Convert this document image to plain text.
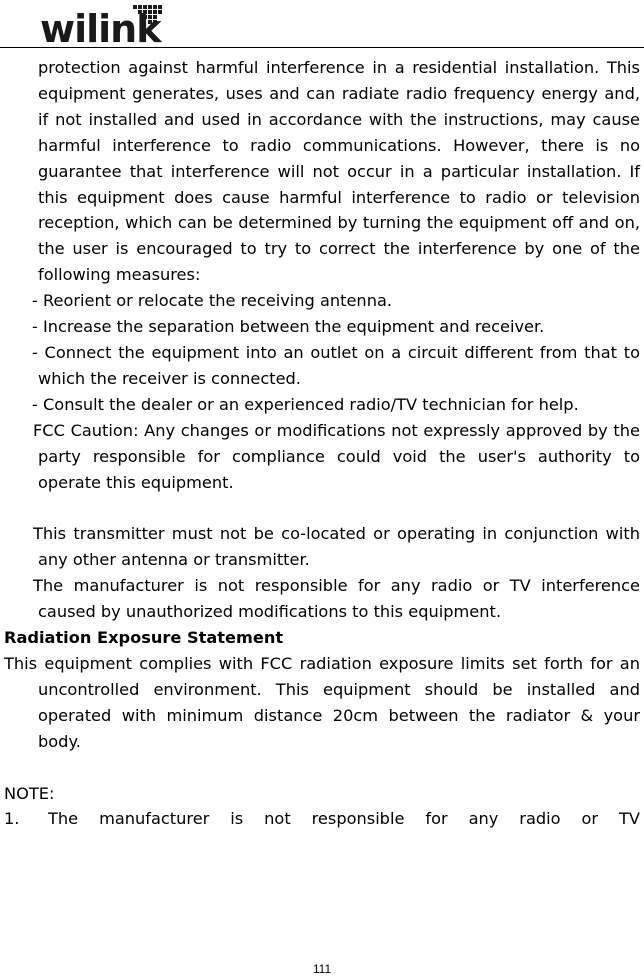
wilink

protection against harmful interference in a residential installation. This equipment generates, uses and can radiate radio frequency energy and, if not installed and used in accordance with the instructions, may cause harmful interference to radio communications. However, there is no guarantee that interference will not occur in a particular installation. If this equipment does cause harmful interference to radio or television reception, which can be determined by turning the equipment off and on, the user is encouraged to try to correct the interference by one of the following measures:

- Reorient or relocate the receiving antenna.

- Increase the separation between the equipment and receiver.

- Connect the equipment into an outlet on a circuit different from that to which the receiver is connected.

- Consult the dealer or an experienced radio/TV technician for help.

FCC Caution: Any changes or modifications not expressly approved by the party responsible for compliance could void the user's authority to operate this equipment.

This transmitter must not be co-located or operating in conjunction with any other antenna or transmitter.

The manufacturer is not responsible for any radio or TV interference caused by unauthorized modifications to this equipment.

Radiation Exposure Statement

This equipment complies with FCC radiation exposure limits set forth for an uncontrolled environment. This equipment should be installed and operated with minimum distance 20cm between the radiator & your body.

NOTE:

1.	The manufacturer is not responsible for any radio or TV
111
